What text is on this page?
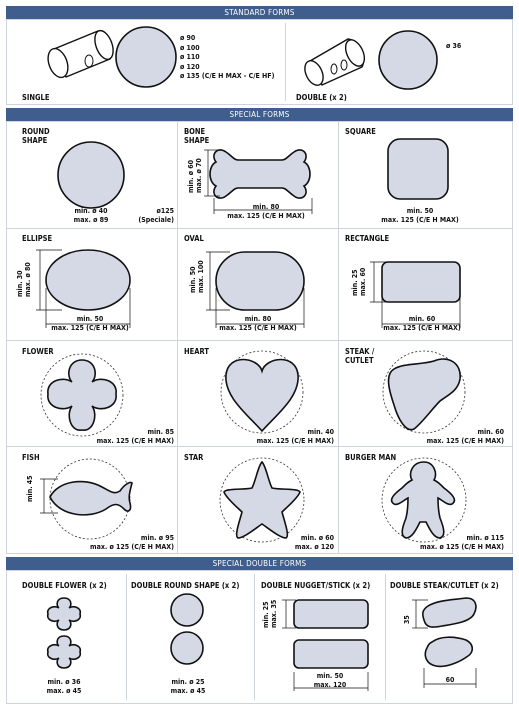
STANDARD FORMS
ø 90
ø 100
ø 110
ø 120
ø 135 (C/E H MAX - C/E HF)
SINGLE
ø 36
DOUBLE (x 2)
SPECIAL FORMS
ROUND
SHAPE
min. ø 40
max. ø 89
ø125
(Speciale)
BONE
SHAPE
min. ø 60 max. ø 70
min. 80
max. 125 (C/E H MAX)
SQUARE
min. 50
max. 125 (C/E H MAX)
ELLIPSE
min. 30 max. ø 80
min. 50
max. 125 (C/E H MAX)
OVAL
min. 50 max. 100
min. 80
max. 125 (C/E H MAX)
RECTANGLE
min. 25 max. 60
min. 60
max. 125 (C/E H MAX)
FLOWER
min. 85
max. 125 (C/E H MAX)
HEART
min. 40
max. 125 (C/E H MAX)
STEAK /
CUTLET
min. 60
max. 125 (C/E H MAX)
FISH
min. 45
min. ø 95
max. ø 125 (C/E H MAX)
STAR
min. ø 60
max. ø 120
BURGER MAN
min. ø 115
max. ø 125 (C/E H MAX)
SPECIAL DOUBLE FORMS
DOUBLE FLOWER (x 2)
min. ø 36
max. ø 45
DOUBLE ROUND SHAPE (x 2)
min. ø 25
max. ø 45
DOUBLE NUGGET/STICK (x 2)
min. 25 max. 35
min. 50
max. 120
DOUBLE STEAK/CUTLET (x 2)
35
60
